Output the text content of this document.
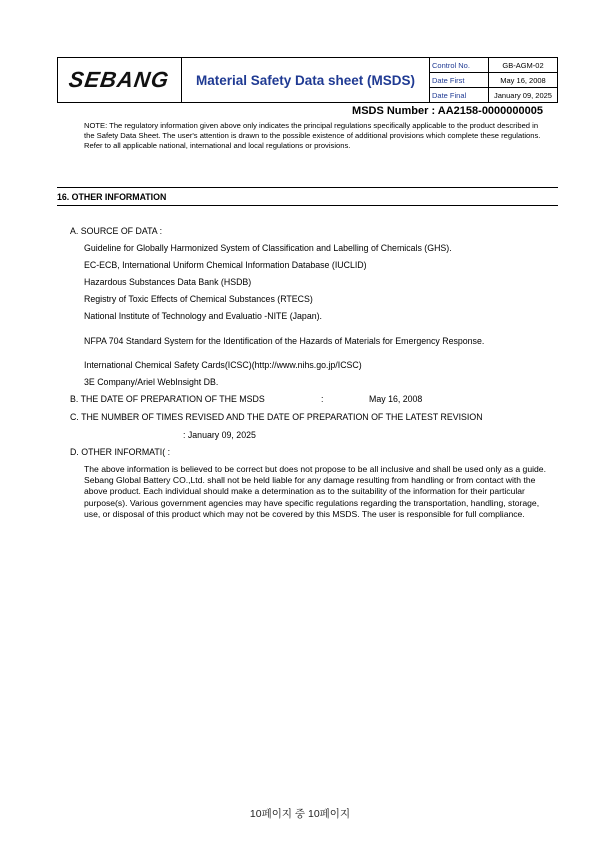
SEBANG	Material Safety Data sheet (MSDS)
Control No.	GB-AGM-02
Date First	May 16, 2008
Date Final	January 09, 2025
MSDS Number : AA2158-0000000005
NOTE: The regulatory information given above only indicates the principal regulations specifically applicable to the product described in the Safety Data Sheet. The user's attention is drawn to the possible existence of additional provisions which complete these regulations. Refer to all applicable national, international and local regulations or provisions.
16. OTHER INFORMATION
A. SOURCE OF DATA :
Guideline for Globally Harmonized System of Classification and Labelling of Chemicals (GHS).
EC-ECB, International Uniform Chemical Information Database (IUCLID)
Hazardous Substances Data Bank (HSDB)
Registry of Toxic Effects of Chemical Substances (RTECS)
National Institute of Technology and Evaluatio -NITE (Japan).
NFPA 704 Standard System for the Identification of the Hazards of Materials for Emergency Response.
International Chemical Safety Cards(ICSC)(http://www.nihs.go.jp/ICSC)
3E Company/Ariel WebInsight DB.
B. THE DATE OF PREPARATION OF THE MSDS	:	May 16, 2008
C. THE NUMBER OF TIMES REVISED AND THE DATE OF PREPARATION OF THE LATEST REVISION
: January 09, 2025
D. OTHER INFORMATI( :
The above information is believed to be correct but does not propose to be all inclusive and shall be used only as a guide. Sebang Global Battery CO.,Ltd. shall not be held liable for any damage resulting from handling or from contact with the above product. Each individual should make a determination as to the suitability of the information for their particular purpose(s). Various government agencies may have specific regulations regarding the transportation, handling, storage, use, or disposal of this product which may not be covered by this MSDS. The user is responsible for full compliance.
10페이지 중 10페이지
